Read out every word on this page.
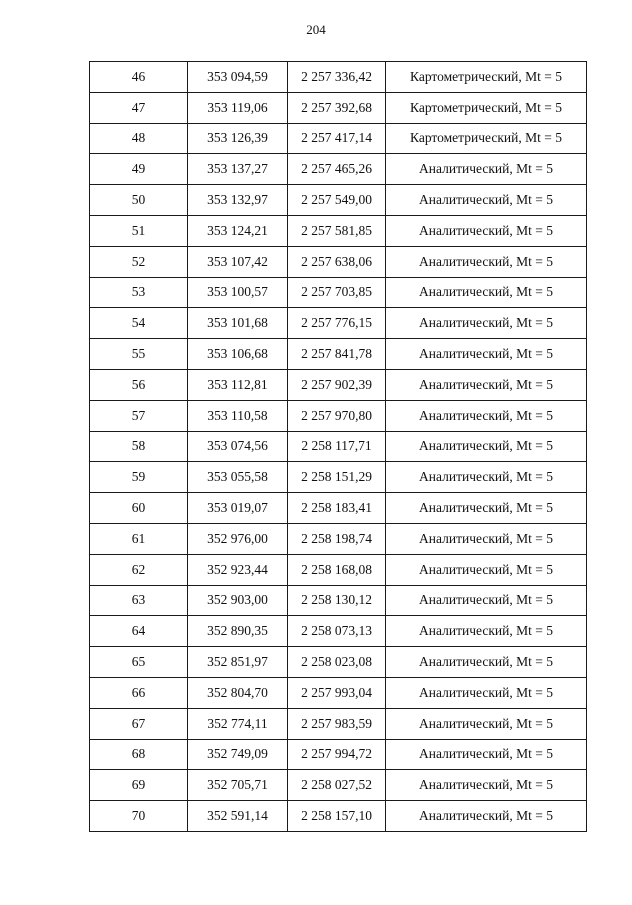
204
46	353 094,59	2 257 336,42	Картометрический, Mt = 5
47	353 119,06	2 257 392,68	Картометрический, Mt = 5
48	353 126,39	2 257 417,14	Картометрический, Mt = 5
49	353 137,27	2 257 465,26	Аналитический, Mt = 5
50	353 132,97	2 257 549,00	Аналитический, Mt = 5
51	353 124,21	2 257 581,85	Аналитический, Mt = 5
52	353 107,42	2 257 638,06	Аналитический, Mt = 5
53	353 100,57	2 257 703,85	Аналитический, Mt = 5
54	353 101,68	2 257 776,15	Аналитический, Mt = 5
55	353 106,68	2 257 841,78	Аналитический, Mt = 5
56	353 112,81	2 257 902,39	Аналитический, Mt = 5
57	353 110,58	2 257 970,80	Аналитический, Mt = 5
58	353 074,56	2 258 117,71	Аналитический, Mt = 5
59	353 055,58	2 258 151,29	Аналитический, Mt = 5
60	353 019,07	2 258 183,41	Аналитический, Mt = 5
61	352 976,00	2 258 198,74	Аналитический, Mt = 5
62	352 923,44	2 258 168,08	Аналитический, Mt = 5
63	352 903,00	2 258 130,12	Аналитический, Mt = 5
64	352 890,35	2 258 073,13	Аналитический, Mt = 5
65	352 851,97	2 258 023,08	Аналитический, Mt = 5
66	352 804,70	2 257 993,04	Аналитический, Mt = 5
67	352 774,11	2 257 983,59	Аналитический, Mt = 5
68	352 749,09	2 257 994,72	Аналитический, Mt = 5
69	352 705,71	2 258 027,52	Аналитический, Mt = 5
70	352 591,14	2 258 157,10	Аналитический, Mt = 5
